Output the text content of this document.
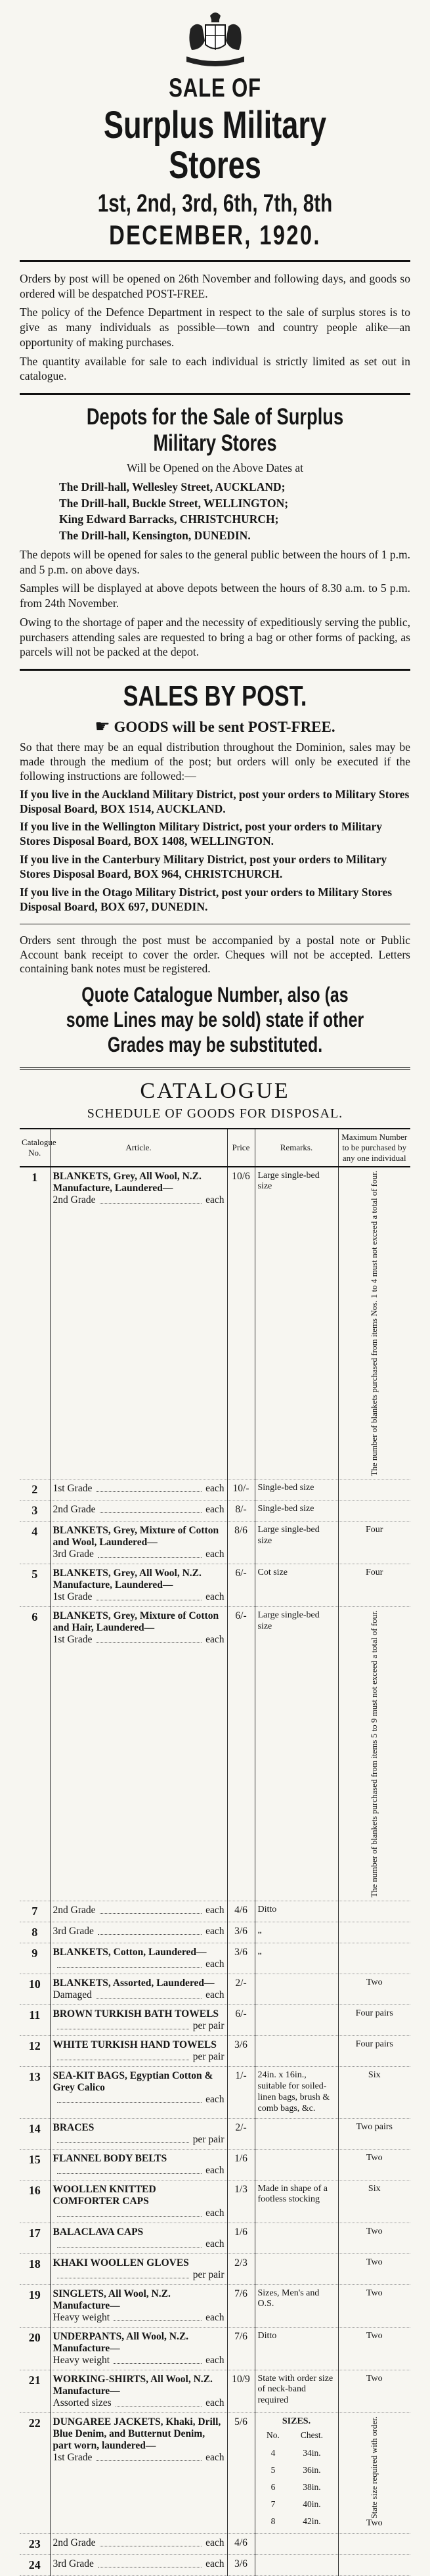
SALE OF
Surplus Military Stores
1st, 2nd, 3rd, 6th, 7th, 8th
DECEMBER, 1920.

Orders by post will be opened on 26th November and following days, and goods so ordered will be despatched POST-FREE.

The policy of the Defence Department in respect to the sale of surplus stores is to give as many individuals as possible—town and country people alike—an opportunity of making purchases.

The quantity available for sale to each individual is strictly limited as set out in catalogue.

Depots for the Sale of Surplus Military Stores

Will be Opened on the Above Dates at

The Drill-hall, Wellesley Street, AUCKLAND;
The Drill-hall, Buckle Street, WELLINGTON;
King Edward Barracks, CHRISTCHURCH;
The Drill-hall, Kensington, DUNEDIN.

The depots will be opened for sales to the general public between the hours of 1 p.m. and 5 p.m. on above days.

Samples will be displayed at above depots between the hours of 8.30 a.m. to 5 p.m. from 24th November.

Owing to the shortage of paper and the necessity of expeditiously serving the public, purchasers attending sales are requested to bring a bag or other forms of packing, as parcels will not be packed at the depot.

SALES BY POST.
☛ GOODS will be sent POST-FREE.

So that there may be an equal distribution throughout the Dominion, sales may be made through the medium of the post; but orders will only be executed if the following instructions are followed:—

If you live in the Auckland Military District, post your orders to Military Stores Disposal Board, BOX 1514, AUCKLAND.

If you live in the Wellington Military District, post your orders to Military Stores Disposal Board, BOX 1408, WELLINGTON.

If you live in the Canterbury Military District, post your orders to Military Stores Disposal Board, BOX 964, CHRISTCHURCH.

If you live in the Otago Military District, post your orders to Military Stores Disposal Board, BOX 697, DUNEDIN.

Orders sent through the post must be accompanied by a postal note or Public Account bank receipt to cover the order. Cheques will not be accepted. Letters containing bank notes must be registered.

Quote Catalogue Number, also (as some Lines may be sold) state if other Grades may be substituted.
CATALOGUE
SCHEDULE OF GOODS FOR DISPOSAL.
Catalogue No.	Article.	Price	Remarks.	Maximum Number to be purchased by any one individual
1	BLANKETS, Grey, All Wool, N.Z. Manufacture, Laundered—
2nd Grade	each
	10/6	Large single-bed size	The number of blankets purchased from items Nos. 1 to 4 must not exceed a total of four.

2	1st Grade	each	10/-	Single-bed size	
3	2nd Grade	each	8/-	Single-bed size	
4	BLANKETS, Grey, Mixture of Cotton and Wool, Laundered—
3rd Grade	each
	8/6	Large single-bed size	Four
5	BLANKETS, Grey, All Wool, N.Z. Manufacture, Laundered—
1st Grade	each
	6/-	Cot size	Four
6	BLANKETS, Grey, Mixture of Cotton and Hair, Laundered—
1st Grade	each
	6/-	Large single-bed size	The number of blankets purchased from items 5 to 9 must not exceed a total of four.

7	2nd Grade	each	4/6	Ditto	
8	3rd Grade	each	3/6	„	
9	BLANKETS, Cotton, Laundered—
each
	3/6	„	
10	BLANKETS, Assorted, Laundered—
Damaged	each
	2/-		Two
11	BROWN TURKISH BATH TOWELS
per pair
	6/-		Four pairs
12	WHITE TURKISH HAND TOWELS
per pair
	3/6		Four pairs
13	SEA-KIT BAGS, Egyptian Cotton & Grey Calico
each
	1/-	24in. x 16in., suitable for soiled-linen bags, brush & comb bags, &c.	Six
14	BRACES
per pair
	2/-		Two pairs
15	FLANNEL BODY BELTS
each
	1/6		Two
16	WOOLLEN KNITTED COMFORTER CAPS
each
	1/3	Made in shape of a footless stocking	Six
17	BALACLAVA CAPS
each
	1/6		Two
18	KHAKI WOOLLEN GLOVES
per pair
	2/3		Two
19	SINGLETS, All Wool, N.Z. Manufacture—
Heavy weight	each
	7/6	Sizes, Men's and O.S.	Two
20	UNDERPANTS, All Wool, N.Z. Manufacture—
Heavy weight	each
	7/6	Ditto	Two
21	WORKING-SHIRTS, All Wool, N.Z. Manufacture—
Assorted sizes	each
	10/9	State with order size of neck-band required	Two
22	DUNGAREE JACKETS, Khaki, Drill, Blue Denim, and Butternut Denim, part worn, laundered—
1st Grade	each
	5/6	SIZES.
No.	Chest.
4	34in.
5	36in.
6	38in.
7	40in.
8	42in.

State size required with order.
Two

23	2nd Grade	each	4/6		
24	3rd Grade	each	3/6		
